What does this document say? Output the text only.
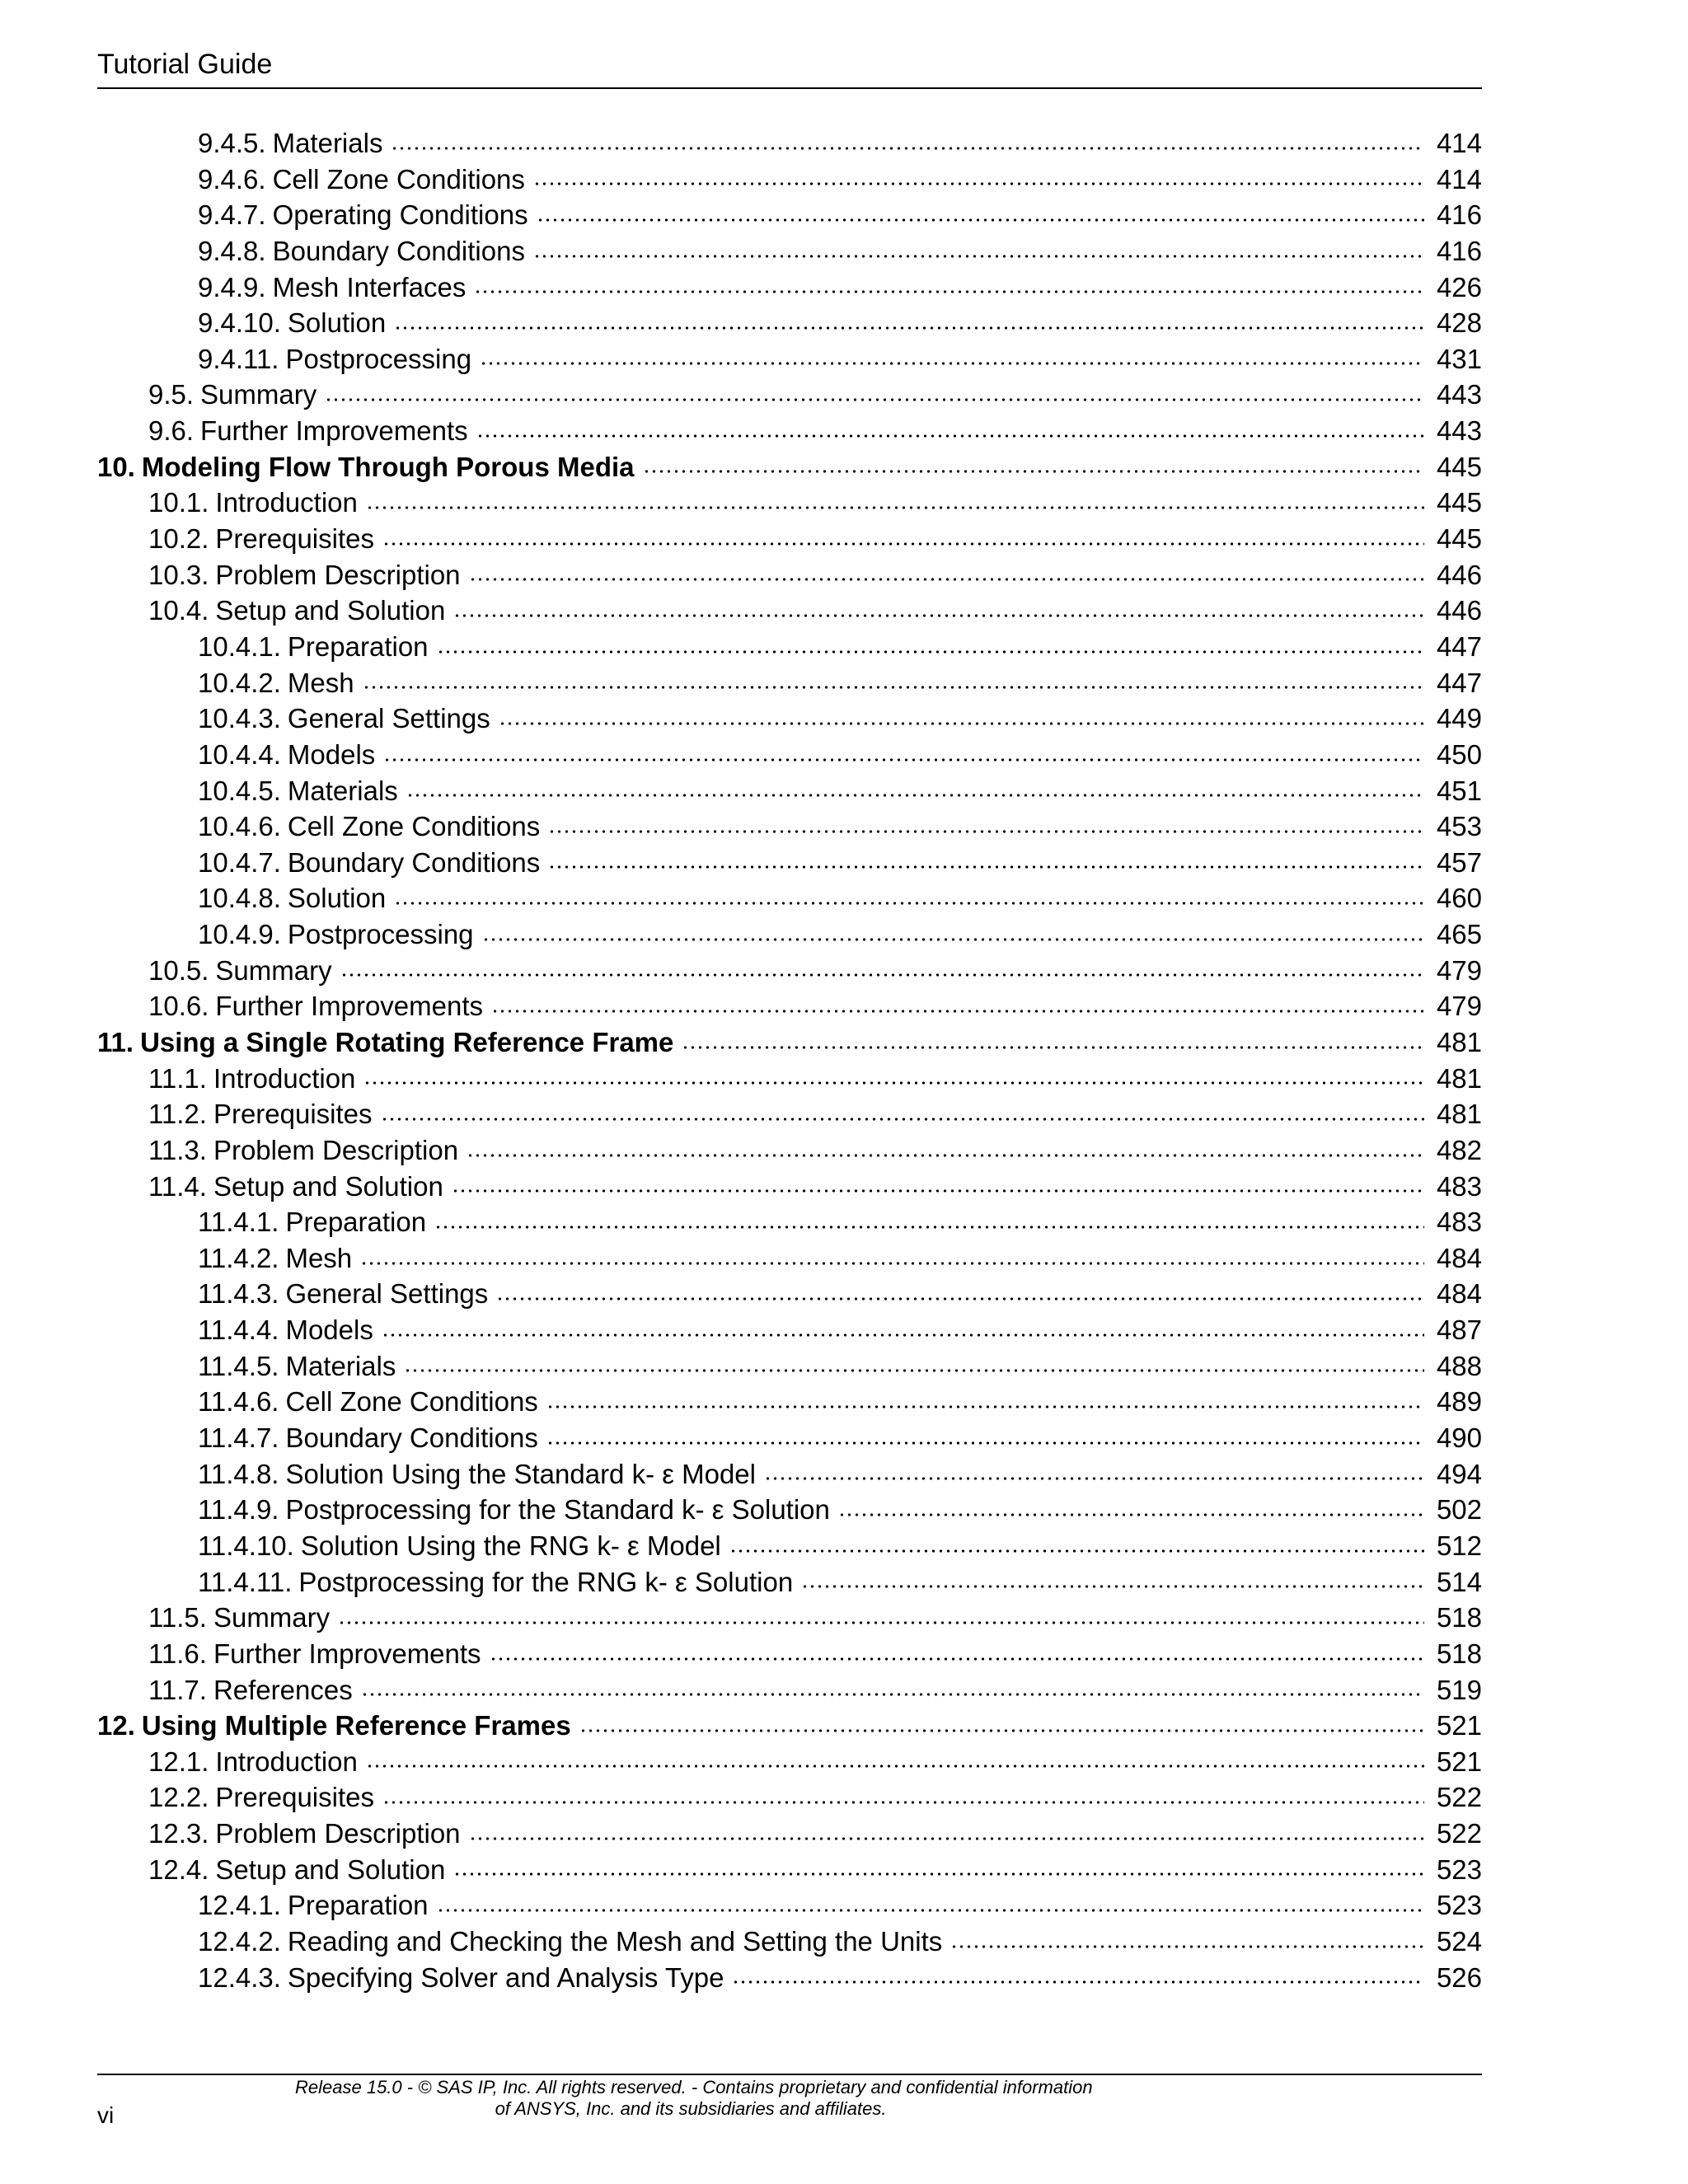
Tutorial Guide
9.4.5. Materials	414
9.4.6. Cell Zone Conditions	414
9.4.7. Operating Conditions	416
9.4.8. Boundary Conditions	416
9.4.9. Mesh Interfaces	426
9.4.10. Solution	428
9.4.11. Postprocessing	431
9.5. Summary	443
9.6. Further Improvements	443
10. Modeling Flow Through Porous Media	445
10.1. Introduction	445
10.2. Prerequisites	445
10.3. Problem Description	446
10.4. Setup and Solution	446
10.4.1. Preparation	447
10.4.2. Mesh	447
10.4.3. General Settings	449
10.4.4. Models	450
10.4.5. Materials	451
10.4.6. Cell Zone Conditions	453
10.4.7. Boundary Conditions	457
10.4.8. Solution	460
10.4.9. Postprocessing	465
10.5. Summary	479
10.6. Further Improvements	479
11. Using a Single Rotating Reference Frame	481
11.1. Introduction	481
11.2. Prerequisites	481
11.3. Problem Description	482
11.4. Setup and Solution	483
11.4.1. Preparation	483
11.4.2. Mesh	484
11.4.3. General Settings	484
11.4.4. Models	487
11.4.5. Materials	488
11.4.6. Cell Zone Conditions	489
11.4.7. Boundary Conditions	490
11.4.8. Solution Using the Standard k- ε Model	494
11.4.9. Postprocessing for the Standard k- ε Solution	502
11.4.10. Solution Using the RNG k- ε Model	512
11.4.11. Postprocessing for the RNG k- ε Solution	514
11.5. Summary	518
11.6. Further Improvements	518
11.7. References	519
12. Using Multiple Reference Frames	521
12.1. Introduction	521
12.2. Prerequisites	522
12.3. Problem Description	522
12.4. Setup and Solution	523
12.4.1. Preparation	523
12.4.2. Reading and Checking the Mesh and Setting the Units	524
12.4.3. Specifying Solver and Analysis Type	526
vi
Release 15.0 - © SAS IP, Inc. All rights reserved. - Contains proprietary and confidential information
of ANSYS, Inc. and its subsidiaries and affiliates.
